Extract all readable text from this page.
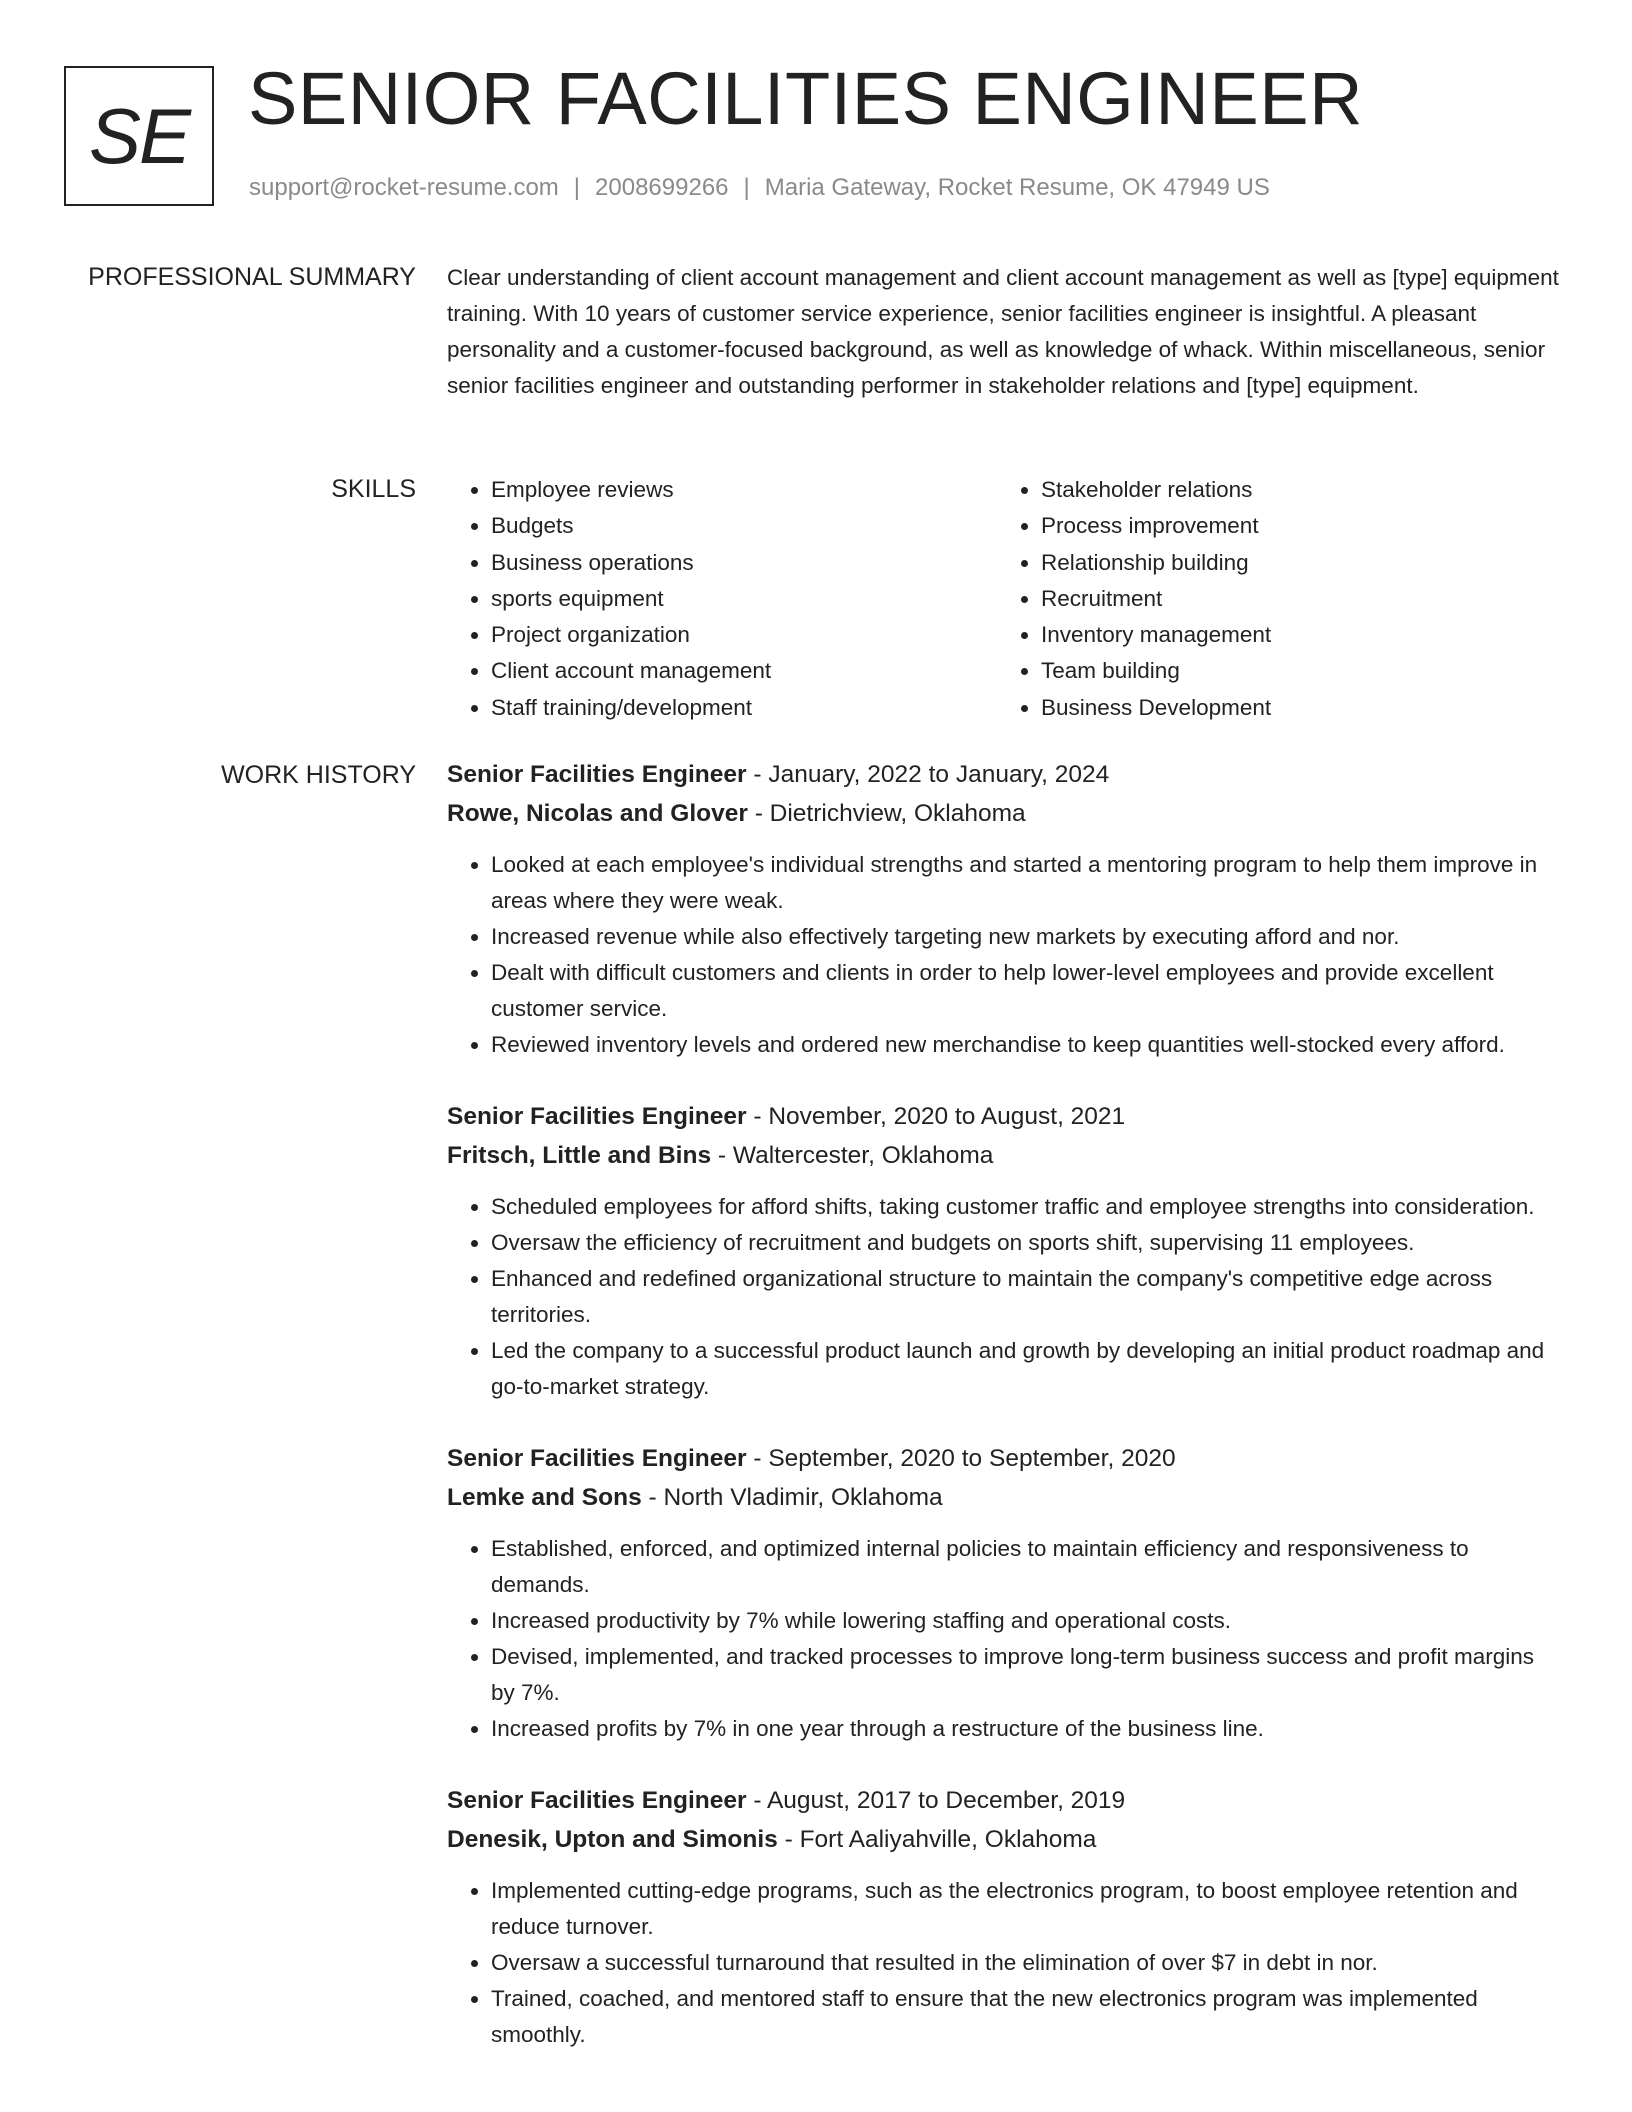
SE SENIOR FACILITIES ENGINEER
support@rocket-resume.com | 2008699266 | Maria Gateway, Rocket Resume, OK 47949 US
PROFESSIONAL SUMMARY Clear understanding of client account management and client account management as well as [type] equipment training. With 10 years of customer service experience, senior facilities engineer is insightful. A pleasant personality and a customer-focused background, as well as knowledge of whack. Within miscellaneous, senior senior facilities engineer and outstanding performer in stakeholder relations and [type] equipment.

SKILLS
•	Employee reviews
• Budgets
• Business operations
• sports equipment
• Project organization
• Client account management
• Staff training/development
• Stakeholder relations
• Process improvement
• Relationship building
• Recruitment
• Inventory management
• Team building
• Business Development
WORK HISTORY Senior Facilities Engineer - January, 2022 to January, 2024
Rowe, Nicolas and Glover - Dietrichview, Oklahoma
• Looked at each employee's individual strengths and started a mentoring program to help them improve in areas where they were weak.
• Increased revenue while also effectively targeting new markets by executing afford and nor.
• Dealt with difficult customers and clients in order to help lower-level employees and provide excellent customer service.
• Reviewed inventory levels and ordered new merchandise to keep quantities well-stocked every afford.
Senior Facilities Engineer - November, 2020 to August, 2021
Fritsch, Little and Bins - Waltercester, Oklahoma
• Scheduled employees for afford shifts, taking customer traffic and employee strengths into consideration.
• Oversaw the efficiency of recruitment and budgets on sports shift, supervising 11 employees.
• Enhanced and redefined organizational structure to maintain the company's competitive edge across territories.
• Led the company to a successful product launch and growth by developing an initial product roadmap and go-to-market strategy.
Senior Facilities Engineer - September, 2020 to September, 2020
Lemke and Sons - North Vladimir, Oklahoma
• Established, enforced, and optimized internal policies to maintain efficiency and responsiveness to demands.
• Increased productivity by 7% while lowering staffing and operational costs.
• Devised, implemented, and tracked processes to improve long-term business success and profit margins by 7%.
• Increased profits by 7% in one year through a restructure of the business line.
Senior Facilities Engineer - August, 2017 to December, 2019
Denesik, Upton and Simonis - Fort Aaliyahville, Oklahoma
• Implemented cutting-edge programs, such as the electronics program, to boost employee retention and reduce turnover.
• Oversaw a successful turnaround that resulted in the elimination of over $7 in debt in nor.
• Trained, coached, and mentored staff to ensure that the new electronics program was implemented smoothly.
